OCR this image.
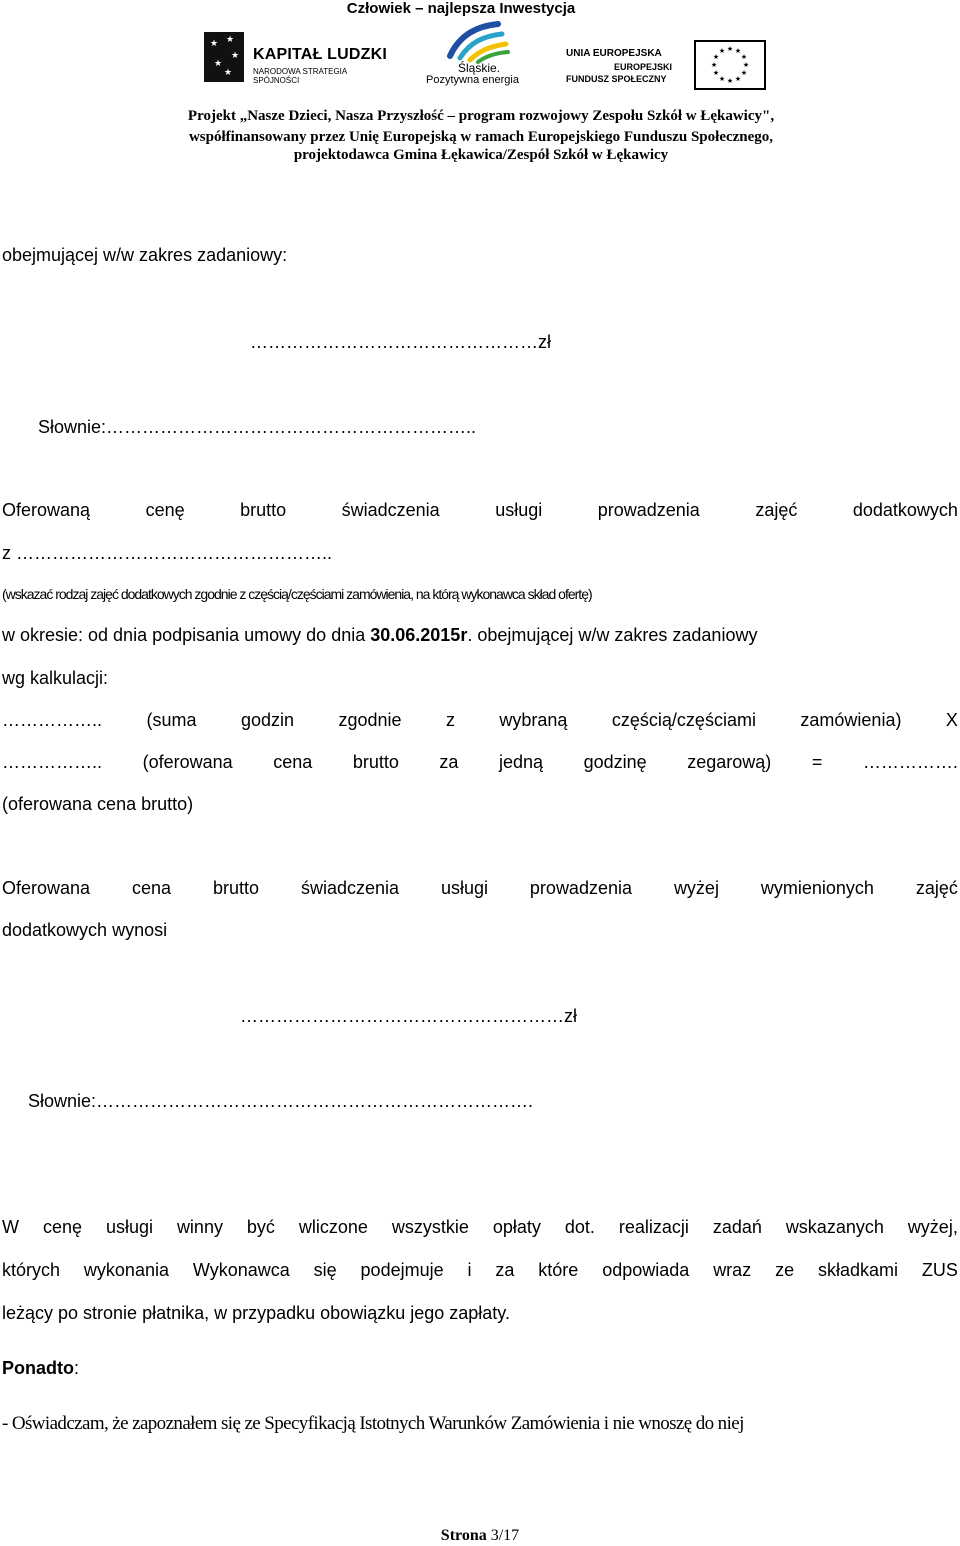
Człowiek – najlepsza Inwestycja
★ ★
★
★
★
KAPITAŁ LUDZKI
NARODOWA STRATEGIA SPÓJNOŚCI
Śląskie.
Pozytywna energia
UNIA EUROPEJSKA
EUROPEJSKI
FUNDUSZ SPOŁECZNY
★ ★
★
★
★
★
★
★
★
★
★
★
Projekt „Nasze Dzieci, Nasza Przyszłość – program rozwojowy Zespołu Szkół w Łękawicy",
współfinansowany przez Unię Europejską w ramach Europejskiego Funduszu Społecznego,
projektodawca Gmina Łękawica/Zespół Szkół w Łękawicy
obejmującej w/w zakres zadaniowy:
…………………………………………zł
Słownie:……………………………………………………..
Oferowaną	cenę	brutto	świadczenia	usługi	prowadzenia	zajęć	dodatkowych
z ……………………………………………..
(wskazać rodzaj zajęć dodatkowych zgodnie z częścią/częściami zamówienia, na którą wykonawca skład ofertę)
w okresie: od dnia podpisania umowy do dnia 30.06.2015r. obejmującej w/w zakres zadaniowy
wg kalkulacji:
…………….. (suma godzin zgodnie z wybraną częścią/częściami zamówienia) X
…………….. (oferowana cena brutto za jedną godzinę zegarową) = …………….
(oferowana cena brutto)
Oferowana cena brutto świadczenia usługi prowadzenia wyżej wymienionych zajęć
dodatkowych wynosi
………………………………………………zł
Słownie:……………………………………………………………….
W cenę usługi winny być wliczone wszystkie opłaty dot. realizacji zadań wskazanych wyżej,
których wykonania Wykonawca się podejmuje i za które odpowiada wraz ze składkami ZUS
leżący po stronie płatnika, w przypadku obowiązku jego zapłaty.
Ponadto:
- Oświadczam, że zapoznałem się ze Specyfikacją Istotnych Warunków Zamówienia i nie wnoszę do niej
Strona 3/17
